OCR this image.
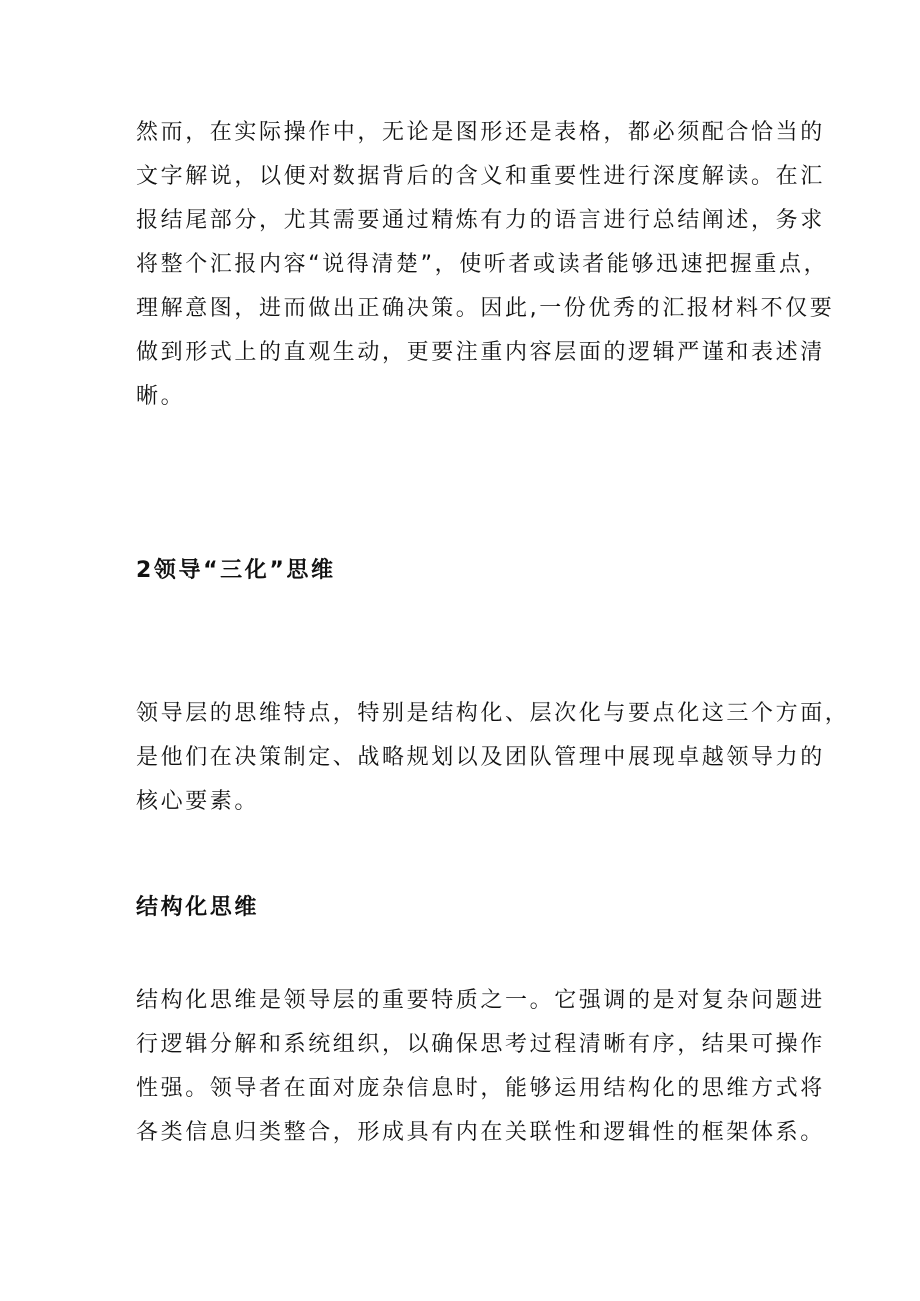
然而，在实际操作中，无论是图形还是表格，都必须配合恰当的
文字解说，以便对数据背后的含义和重要性进行深度解读。在汇
报结尾部分，尤其需要通过精炼有力的语言进行总结阐述，务求
将整个汇报内容“说得清楚”，使听者或读者能够迅速把握重点，
理解意图，进而做出正确决策。因此,一份优秀的汇报材料不仅要
做到形式上的直观生动，更要注重内容层面的逻辑严谨和表述清
晰。

2领导“三化”思维

领导层的思维特点，特别是结构化、层次化与要点化这三个方面，
是他们在决策制定、战略规划以及团队管理中展现卓越领导力的
核心要素。

结构化思维

结构化思维是领导层的重要特质之一。它强调的是对复杂问题进
行逻辑分解和系统组织，以确保思考过程清晰有序，结果可操作
性强。领导者在面对庞杂信息时，能够运用结构化的思维方式将
各类信息归类整合，形成具有内在关联性和逻辑性的框架体系。
